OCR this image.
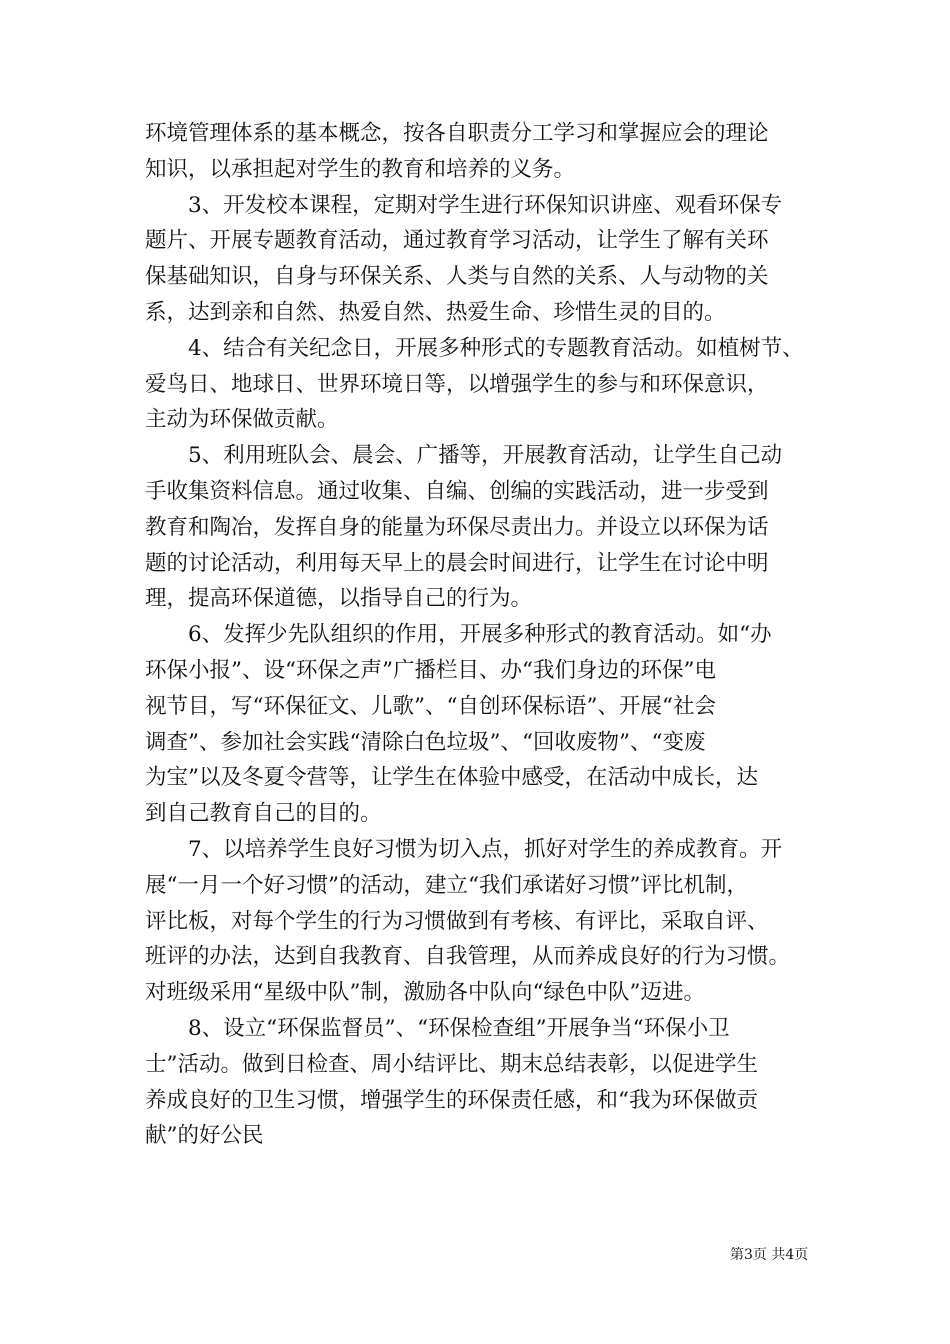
环境管理体系的基本概念，按各自职责分工学习和掌握应会的理论
知识，以承担起对学生的教育和培养的义务。
3、开发校本课程，定期对学生进行环保知识讲座、观看环保专
题片、开展专题教育活动，通过教育学习活动，让学生了解有关环
保基础知识，自身与环保关系、人类与自然的关系、人与动物的关
系，达到亲和自然、热爱自然、热爱生命、珍惜生灵的目的。
4、结合有关纪念日，开展多种形式的专题教育活动。如植树节、
爱鸟日、地球日、世界环境日等，以增强学生的参与和环保意识，
主动为环保做贡献。
5、利用班队会、晨会、广播等，开展教育活动，让学生自己动
手收集资料信息。通过收集、自编、创编的实践活动，进一步受到
教育和陶冶，发挥自身的能量为环保尽责出力。并设立以环保为话
题的讨论活动，利用每天早上的晨会时间进行，让学生在讨论中明
理，提高环保道德，以指导自己的行为。
6、发挥少先队组织的作用，开展多种形式的教育活动。如“办
环保小报”、设“环保之声”广播栏目、办“我们身边的环保”电
视节目，写“环保征文、儿歌”、“自创环保标语”、开展“社会
调查”、参加社会实践“清除白色垃圾”、“回收废物”、“变废
为宝”以及冬夏令营等，让学生在体验中感受，在活动中成长，达
到自己教育自己的目的。
7、以培养学生良好习惯为切入点，抓好对学生的养成教育。开
展“一月一个好习惯”的活动，建立“我们承诺好习惯”评比机制，
评比板，对每个学生的行为习惯做到有考核、有评比，采取自评、
班评的办法，达到自我教育、自我管理，从而养成良好的行为习惯。
对班级采用“星级中队”制，激励各中队向“绿色中队”迈进。
8、设立“环保监督员”、“环保检查组”开展争当“环保小卫
士”活动。做到日检查、周小结评比、期末总结表彰，以促进学生
养成良好的卫生习惯，增强学生的环保责任感，和“我为环保做贡
献”的好公民
第3页 共4页
